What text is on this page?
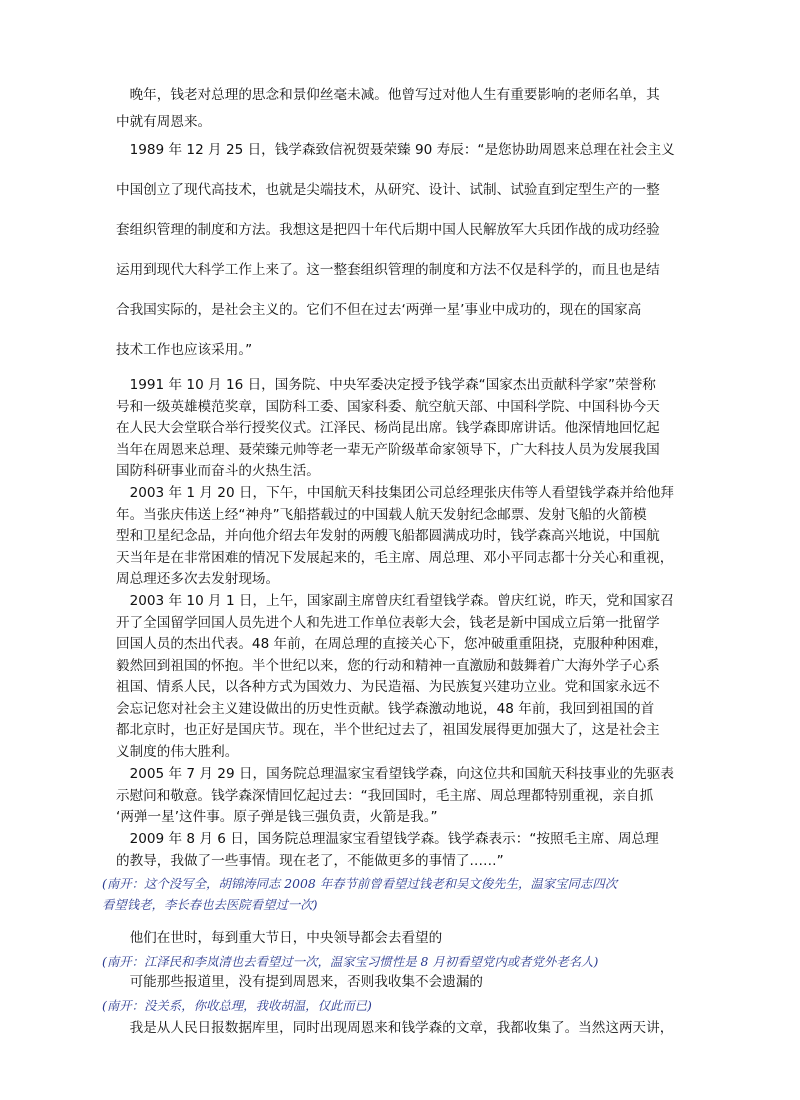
　晚年，钱老对总理的思念和景仰丝毫未减。他曾写过对他人生有重要影响的老师名单，其
中就有周恩来。
　1989 年 12 月 25 日，钱学森致信祝贺聂荣臻 90 寿辰：“是您协助周恩来总理在社会主义
中国创立了现代高技术，也就是尖端技术，从研究、设计、试制、试验直到定型生产的一整
套组织管理的制度和方法。我想这是把四十年代后期中国人民解放军大兵团作战的成功经验
运用到现代大科学工作上来了。这一整套组织管理的制度和方法不仅是科学的，而且也是结
合我国实际的，是社会主义的。它们不但在过去‘两弹一星’事业中成功的，现在的国家高
技术工作也应该采用。”
　1991 年 10 月 16 日，国务院、中央军委决定授予钱学森“国家杰出贡献科学家”荣誉称
号和一级英雄模范奖章，国防科工委、国家科委、航空航天部、中国科学院、中国科协今天
在人民大会堂联合举行授奖仪式。江泽民、杨尚昆出席。钱学森即席讲话。他深情地回忆起
当年在周恩来总理、聂荣臻元帅等老一辈无产阶级革命家领导下，广大科技人员为发展我国
国防科研事业而奋斗的火热生活。
　2003 年 1 月 20 日，下午，中国航天科技集团公司总经理张庆伟等人看望钱学森并给他拜
年。当张庆伟送上经“神舟”飞船搭载过的中国载人航天发射纪念邮票、发射飞船的火箭模
型和卫星纪念品，并向他介绍去年发射的两艘飞船都圆满成功时，钱学森高兴地说，中国航
天当年是在非常困难的情况下发展起来的，毛主席、周总理、邓小平同志都十分关心和重视，
周总理还多次去发射现场。
　2003 年 10 月 1 日，上午，国家副主席曾庆红看望钱学森。曾庆红说，昨天，党和国家召
开了全国留学回国人员先进个人和先进工作单位表彰大会，钱老是新中国成立后第一批留学
回国人员的杰出代表。48 年前，在周总理的直接关心下，您冲破重重阻挠，克服种种困难，
毅然回到祖国的怀抱。半个世纪以来，您的行动和精神一直激励和鼓舞着广大海外学子心系
祖国、情系人民，以各种方式为国效力、为民造福、为民族复兴建功立业。党和国家永远不
会忘记您对社会主义建设做出的历史性贡献。钱学森激动地说，48 年前，我回到祖国的首
都北京时，也正好是国庆节。现在，半个世纪过去了，祖国发展得更加强大了，这是社会主
义制度的伟大胜利。
　2005 年 7 月 29 日，国务院总理温家宝看望钱学森，向这位共和国航天科技事业的先驱表
示慰问和敬意。钱学森深情回忆起过去：“我回国时，毛主席、周总理都特别重视，亲自抓
‘两弹一星’这件事。原子弹是钱三强负责，火箭是我。”
　2009 年 8 月 6 日，国务院总理温家宝看望钱学森。钱学森表示：“按照毛主席、周总理
的教导，我做了一些事情。现在老了，不能做更多的事情了……”
(南开：这个没写全，胡锦涛同志 2008 年春节前曾看望过钱老和吴文俊先生，温家宝同志四次
看望钱老，李长春也去医院看望过一次)
　他们在世时，每到重大节日，中央领导都会去看望的
(南开：江泽民和李岚清也去看望过一次，温家宝习惯性是 8 月初看望党内或者党外老名人)
　可能那些报道里，没有提到周恩来，否则我收集不会遗漏的
(南开：没关系，你收总理，我收胡温，仅此而已)
　我是从人民日报数据库里，同时出现周恩来和钱学森的文章，我都收集了。当然这两天讲，
